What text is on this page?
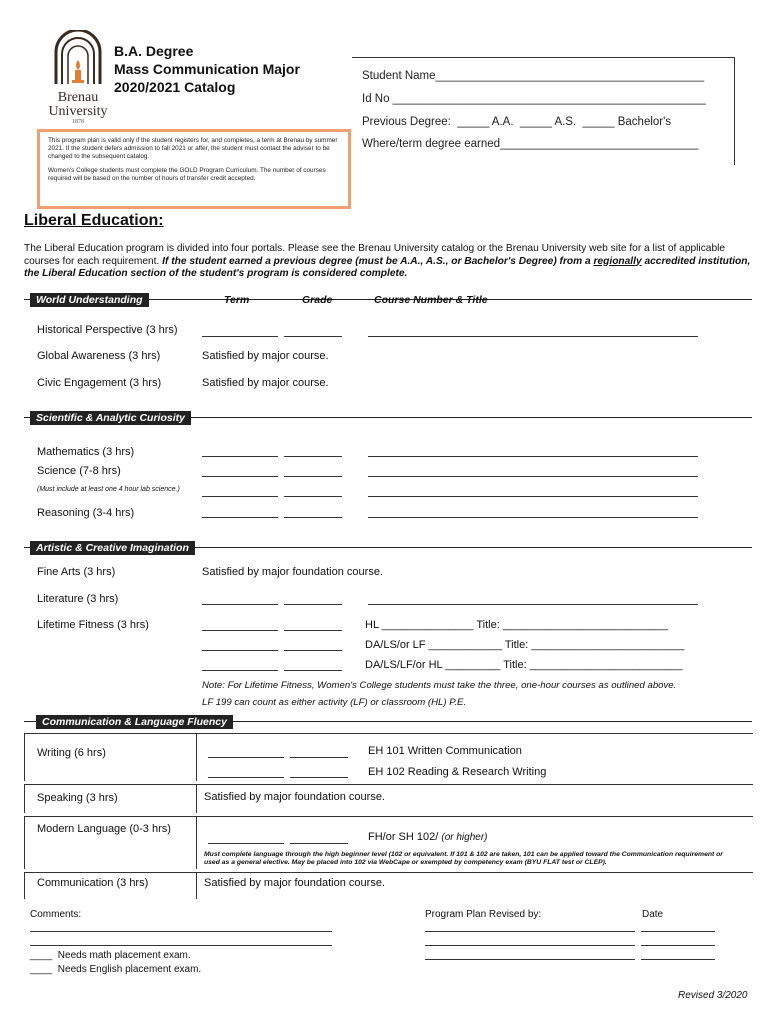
Brenau
University
1878
B.A. Degree
Mass Communication Major
2020/2021 Catalog

This program plan is valid only if the student registers for, and completes, a term at Brenau by summer 2021. If the student defers admission to fall 2021 or after, the student must contact the adviser to be changed to the subsequent catalog.

Women's College students must complete the GOLD Program Curriculum. The number of courses required will be based on the number of hours of transfer credit accepted.

Student Name__________________________________________
Id No _________________________________________________
Previous Degree:  _____ A.A.  _____ A.S.  _____ Bachelor's
Where/term degree earned_______________________________
Liberal Education:
The Liberal Education program is divided into four portals. Please see the Brenau University catalog or the Brenau University web site for a list of applicable courses for each requirement. If the student earned a previous degree (must be A.A., A.S., or Bachelor's Degree) from a regionally accredited institution, the Liberal Education section of the student's program is considered complete.
World Understanding	Term	Grade	Course Number & Title
Historical Perspective (3 hrs)
Global Awareness (3 hrs)	Satisfied by major course.
Civic Engagement (3 hrs)	Satisfied by major course.
Scientific & Analytic Curiosity
Mathematics (3 hrs)
Science (7-8 hrs)
(Must include at least one 4 hour lab science.)
Reasoning (3-4 hrs)
Artistic & Creative Imagination
Fine Arts (3 hrs)	Satisfied by major foundation course.
Literature (3 hrs)
Lifetime Fitness (3 hrs)	HL _______________ Title: ___________________________
DA/LS/or LF ____________ Title: _________________________
DA/LS/LF/or HL _________ Title: _________________________
Note: For Lifetime Fitness, Women's College students must take the three, one-hour courses as outlined above.
LF 199 can count as either activity (LF) or classroom (HL) P.E.
Communication & Language Fluency
Writing (6 hrs)	EH 101 Written Communication
EH 102 Reading & Research Writing
Speaking (3 hrs)	Satisfied by major foundation course.
Modern Language (0-3 hrs)
FH/or SH 102/ (or higher)
Must complete language through the high beginner level (102 or equivalent. If 101 & 102 are taken, 101 can be applied toward the Communication requirement or used as a general elective. May be placed into 102 via WebCape or exempted by competency exam (BYU FLAT test or CLEP).
Communication (3 hrs)	Satisfied by major foundation course.
Comments:	Program Plan Revised by:	Date
____  Needs math placement exam.
____  Needs English placement exam.
Revised 3/2020
